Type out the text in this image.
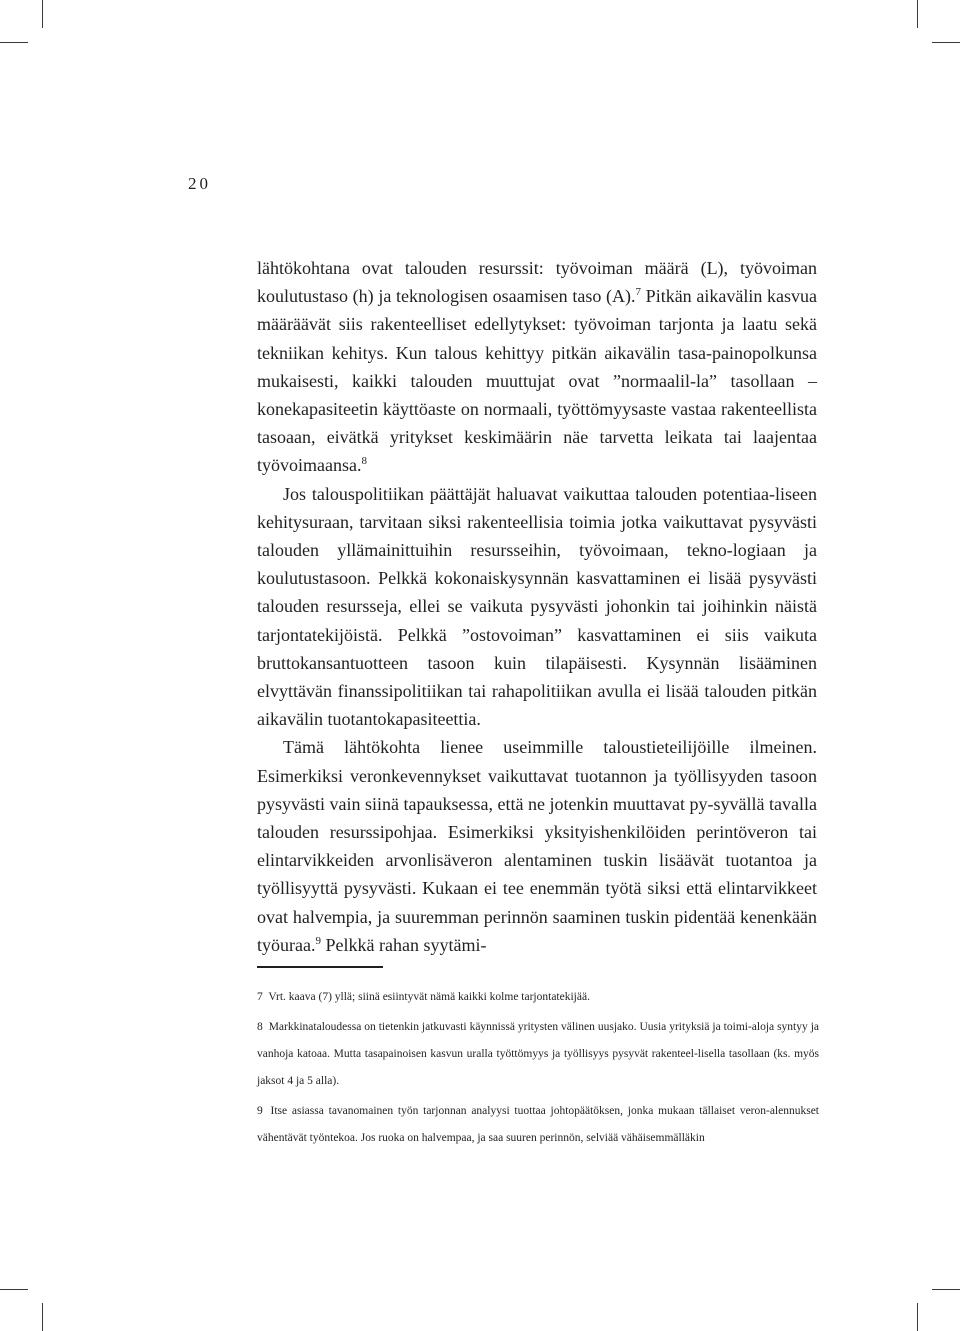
20

lähtökohtana ovat talouden resurssit: työvoiman määrä (L), työvoiman koulutustaso (h) ja teknologisen osaamisen taso (A).$^7$ Pitkän aikavälin kasvua määräävät siis rakenteelliset edellytykset: työvoiman tarjonta ja laatu sekä tekniikan kehitys. Kun talous kehittyy pitkän aikavälin tasa-painopolkunsa mukaisesti, kaikki talouden muuttujat ovat ”normaalil-la” tasollaan – konekapasiteetin käyttöaste on normaali, työttömyysaste vastaa rakenteellista tasoaan, eivätkä yritykset keskimäärin näe tarvetta leikata tai laajentaa työvoimaansa.$^8$

Jos talouspolitiikan päättäjät haluavat vaikuttaa talouden potentiaa-liseen kehitysuraan, tarvitaan siksi rakenteellisia toimia jotka vaikuttavat pysyvästi talouden yllämainittuihin resursseihin, työvoimaan, tekno-logiaan ja koulutustasoon. Pelkkä kokonaiskysynnän kasvattaminen ei lisää pysyvästi talouden resursseja, ellei se vaikuta pysyvästi johonkin tai joihinkin näistä tarjontatekijöistä. Pelkkä ”ostovoiman” kasvattaminen ei siis vaikuta bruttokansantuotteen tasoon kuin tilapäisesti. Kysynnän lisääminen elvyttävän finanssipolitiikan tai rahapolitiikan avulla ei lisää talouden pitkän aikavälin tuotantokapasiteettia.

Tämä lähtökohta lienee useimmille taloustieteilijöille ilmeinen. Esimerkiksi veronkevennykset vaikuttavat tuotannon ja työllisyyden tasoon pysyvästi vain siinä tapauksessa, että ne jotenkin muuttavat py-syvällä tavalla talouden resurssipohjaa. Esimerkiksi yksityishenkilöiden perintöveron tai elintarvikkeiden arvonlisäveron alentaminen tuskin lisäävät tuotantoa ja työllisyyttä pysyvästi. Kukaan ei tee enemmän työtä siksi että elintarvikkeet ovat halvempia, ja suuremman perinnön saaminen tuskin pidentää kenenkään työuraa.$^9$ Pelkkä rahan syytämi-

7 Vrt. kaava (7) yllä; siinä esiintyvät nämä kaikki kolme tarjontatekijää.

8 Markkinataloudessa on tietenkin jatkuvasti käynnissä yritysten välinen uusjako. Uusia yrityksiä ja toimi-aloja syntyy ja vanhoja katoaa. Mutta tasapainoisen kasvun uralla työttömyys ja työllisyys pysyvät rakenteel-lisella tasollaan (ks. myös jaksot 4 ja 5 alla).

9 Itse asiassa tavanomainen työn tarjonnan analyysi tuottaa johtopäätöksen, jonka mukaan tällaiset veron-alennukset vähentävät työntekoa. Jos ruoka on halvempaa, ja saa suuren perinnön, selviää vähäisemmälläkin
